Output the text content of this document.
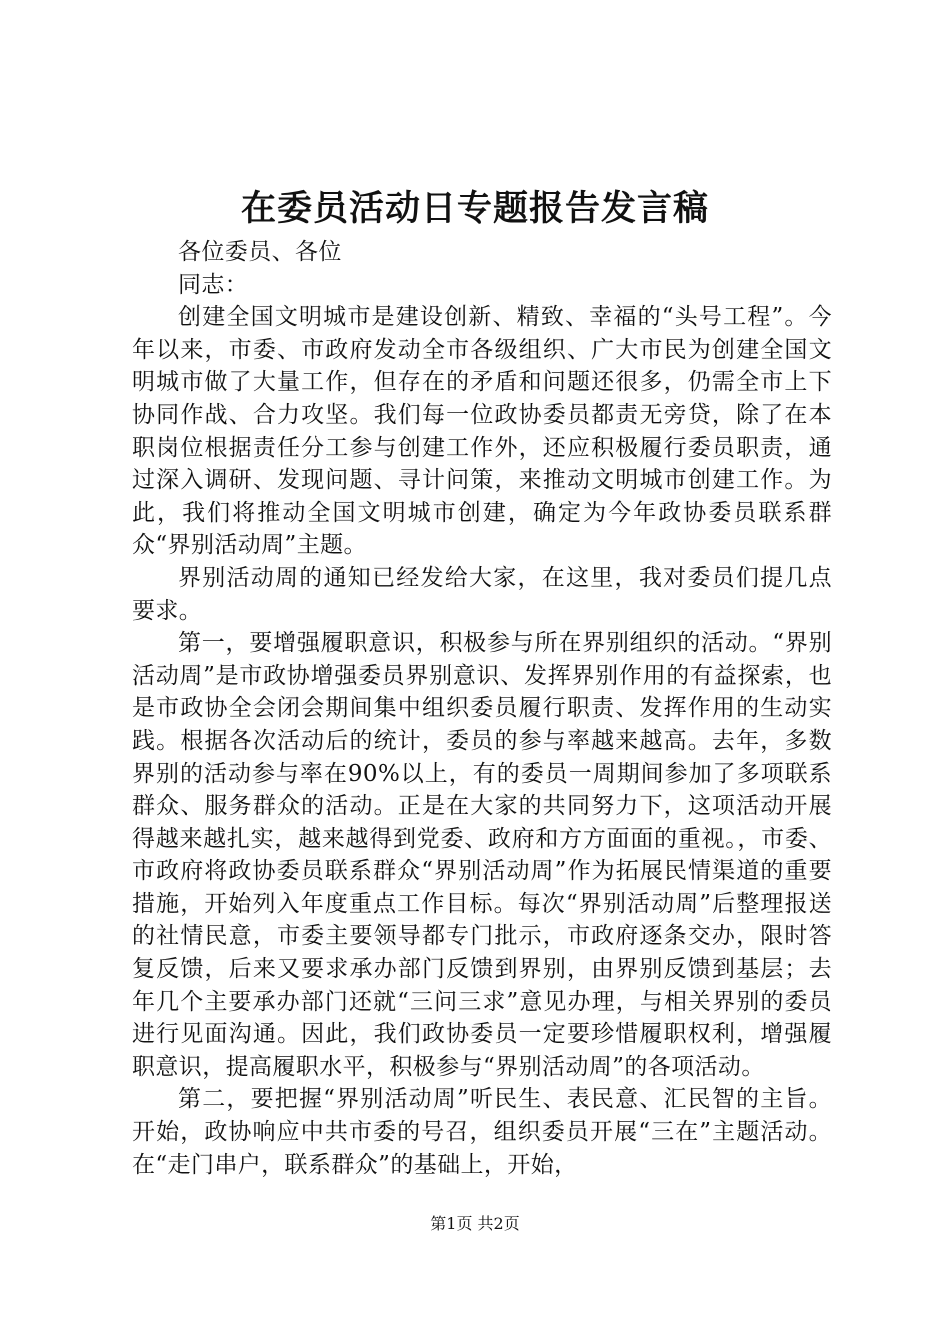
在委员活动日专题报告发言稿

各位委员、各位

同志：

创建全国文明城市是建设创新、精致、幸福的“头号工程”。今年以来，市委、市政府发动全市各级组织、广大市民为创建全国文明城市做了大量工作，但存在的矛盾和问题还很多，仍需全市上下协同作战、合力攻坚。我们每一位政协委员都责无旁贷，除了在本职岗位根据责任分工参与创建工作外，还应积极履行委员职责，通过深入调研、发现问题、寻计问策，来推动文明城市创建工作。为此，我们将推动全国文明城市创建，确定为今年政协委员联系群众“界别活动周”主题。

界别活动周的通知已经发给大家，在这里，我对委员们提几点要求。

第一，要增强履职意识，积极参与所在界别组织的活动。“界别活动周”是市政协增强委员界别意识、发挥界别作用的有益探索，也是市政协全会闭会期间集中组织委员履行职责、发挥作用的生动实践。根据各次活动后的统计，委员的参与率越来越高。去年，多数界别的活动参与率在90%以上，有的委员一周期间参加了多项联系群众、服务群众的活动。正是在大家的共同努力下，这项活动开展得越来越扎实，越来越得到党委、政府和方方面面的重视。，市委、市政府将政协委员联系群众“界别活动周”作为拓展民情渠道的重要措施，开始列入年度重点工作目标。每次“界别活动周”后整理报送的社情民意，市委主要领导都专门批示，市政府逐条交办，限时答复反馈，后来又要求承办部门反馈到界别，由界别反馈到基层；去年几个主要承办部门还就“三问三求”意见办理，与相关界别的委员进行见面沟通。因此，我们政协委员一定要珍惜履职权利，增强履职意识，提高履职水平，积极参与“界别活动周”的各项活动。

第二，要把握“界别活动周”听民生、表民意、汇民智的主旨。开始，政协响应中共市委的号召，组织委员开展“三在”主题活动。在“走门串户，联系群众”的基础上，开始，

第1页 共2页
